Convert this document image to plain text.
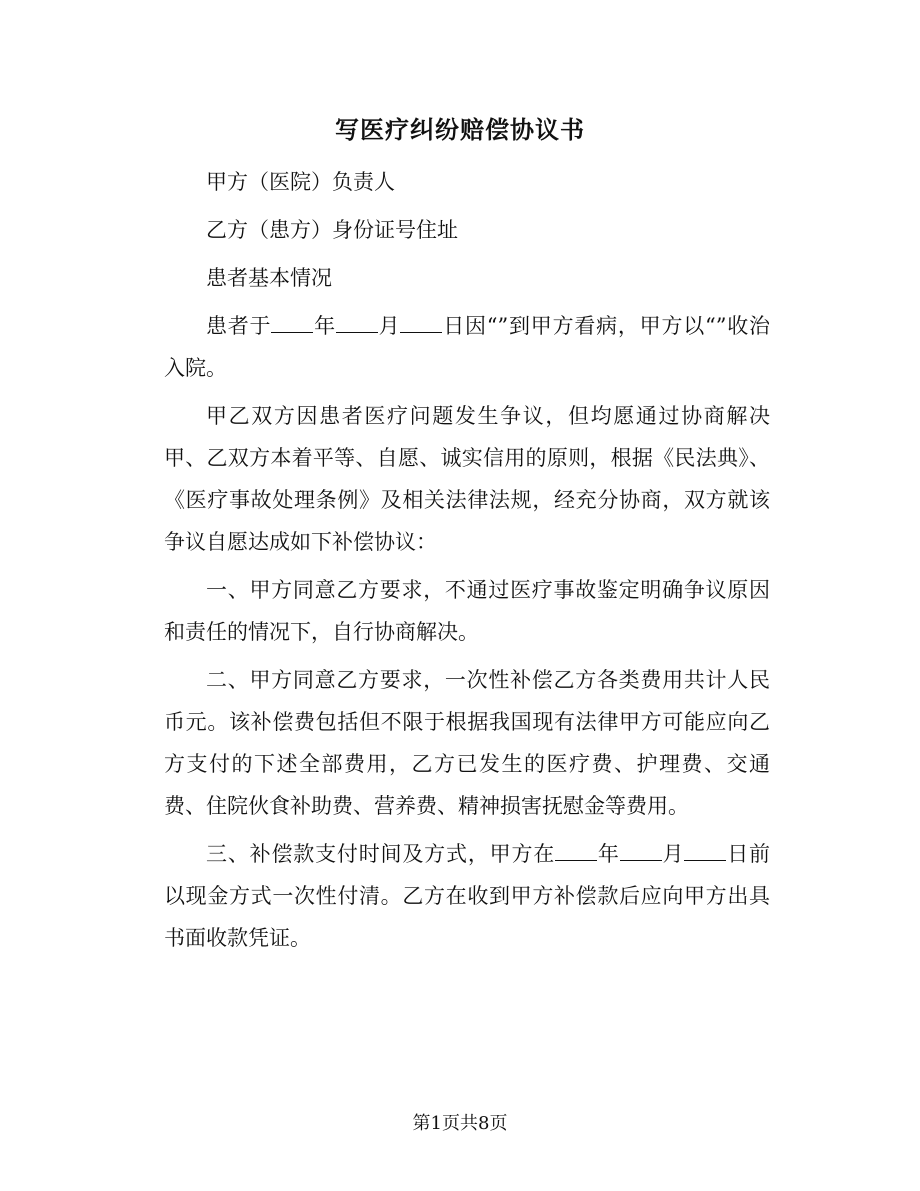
写医疗纠纷赔偿协议书

甲方（医院）负责人

乙方（患方）身份证号住址

患者基本情况

患者于 年 月 日因“”到甲方看病，甲方以“”收治入院。

甲乙双方因患者医疗问题发生争议，但均愿通过协商解决甲、乙双方本着平等、自愿、诚实信用的原则，根据《民法典》、《医疗事故处理条例》及相关法律法规，经充分协商，双方就该争议自愿达成如下补偿协议：

一、甲方同意乙方要求，不通过医疗事故鉴定明确争议原因和责任的情况下，自行协商解决。

二、甲方同意乙方要求，一次性补偿乙方各类费用共计人民币元。该补偿费包括但不限于根据我国现有法律甲方可能应向乙方支付的下述全部费用，乙方已发生的医疗费、护理费、交通费、住院伙食补助费、营养费、精神损害抚慰金等费用。

三、补偿款支付时间及方式，甲方在 年 月 日前以现金方式一次性付清。乙方在收到甲方补偿款后应向甲方出具书面收款凭证。

第1页共8页
